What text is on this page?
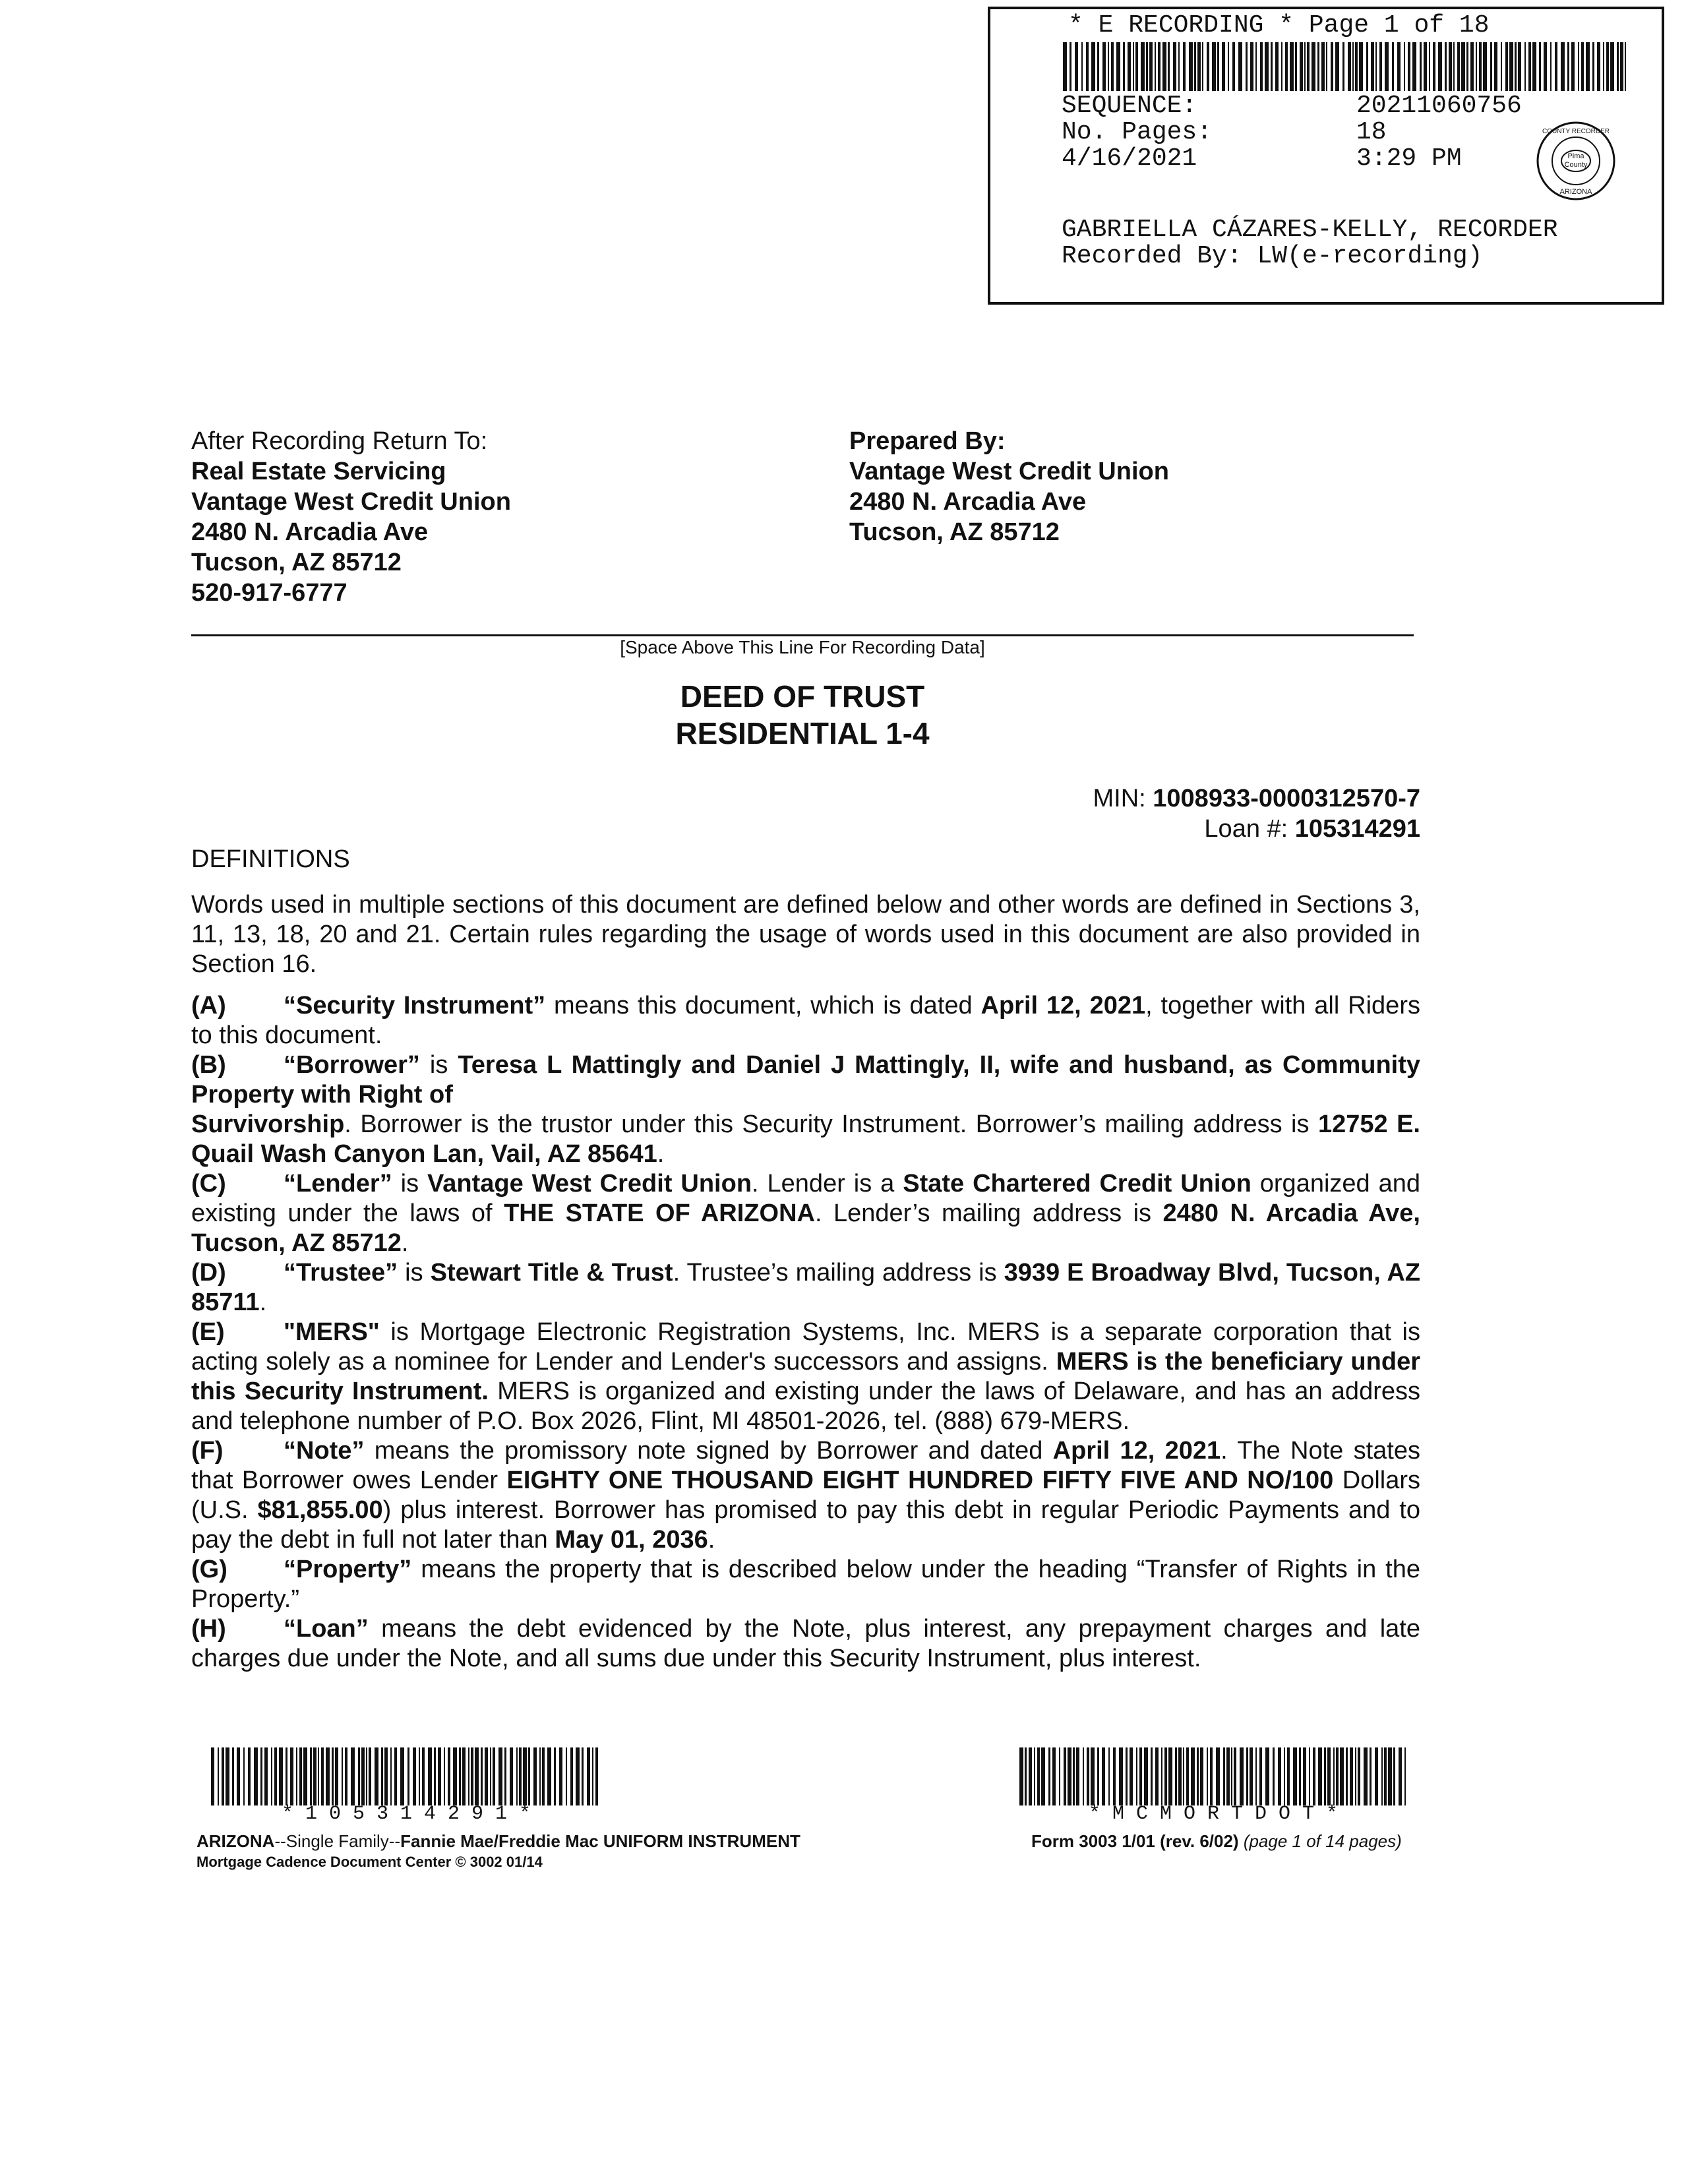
* E RECORDING * Page 1 of 18
SEQUENCE:	20211060756
No. Pages:	18
4/16/2021	3:29 PM	Pima
County
COUNTY RECORDER
ARIZONA
GABRIELLA CÁZARES-KELLY, RECORDER
Recorded By: LW(e-recording)
After Recording Return To:
Real Estate Servicing
Vantage West Credit Union
2480 N. Arcadia Ave
Tucson, AZ 85712
520-917-6777
Prepared By:
Vantage West Credit Union
2480 N. Arcadia Ave
Tucson, AZ 85712
[Space Above This Line For Recording Data]
DEED OF TRUST
RESIDENTIAL 1-4
MIN: 1008933-0000312570-7
Loan #: 105314291
DEFINITIONS

Words used in multiple sections of this document are defined below and other words are defined in Sections 3, 11, 13, 18, 20 and 21. Certain rules regarding the usage of words used in this document are also provided in Section 16.

(A) “Security Instrument” means this document, which is dated April 12, 2021, together with all Riders to this document.

(B) “Borrower” is Teresa L Mattingly and Daniel J Mattingly, II, wife and husband, as Community Property with Right of
Survivorship. Borrower is the trustor under this Security Instrument. Borrower’s mailing address is 12752 E. Quail Wash Canyon Lan, Vail, AZ 85641.

(C) “Lender” is Vantage West Credit Union. Lender is a State Chartered Credit Union organized and existing under the laws of THE STATE OF ARIZONA. Lender’s mailing address is 2480 N. Arcadia Ave, Tucson, AZ 85712.

(D) “Trustee” is Stewart Title & Trust. Trustee’s mailing address is 3939 E Broadway Blvd, Tucson, AZ 85711.

(E) "MERS" is Mortgage Electronic Registration Systems, Inc. MERS is a separate corporation that is acting solely as a nominee for Lender and Lender's successors and assigns. MERS is the beneficiary under this Security Instrument. MERS is organized and existing under the laws of Delaware, and has an address and telephone number of P.O. Box 2026, Flint, MI 48501-2026, tel. (888) 679-MERS.

(F) “Note” means the promissory note signed by Borrower and dated April 12, 2021. The Note states that Borrower owes Lender EIGHTY ONE THOUSAND EIGHT HUNDRED FIFTY FIVE AND NO/100 Dollars (U.S. $81,855.00) plus interest. Borrower has promised to pay this debt in regular Periodic Payments and to pay the debt in full not later than May 01, 2036.

(G) “Property” means the property that is described below under the heading “Transfer of Rights in the Property.”

(H) “Loan” means the debt evidenced by the Note, plus interest, any prepayment charges and late charges due under the Note, and all sums due under this Security Instrument, plus interest.

* 1 0 5 3 1 4 2 9 1 *	* M C M O R T D O T *
ARIZONA--Single Family--Fannie Mae/Freddie Mac UNIFORM INSTRUMENT
Mortgage Cadence Document Center © 3002 01/14
Form 3003 1/01 (rev. 6/02) (page 1 of 14 pages)
